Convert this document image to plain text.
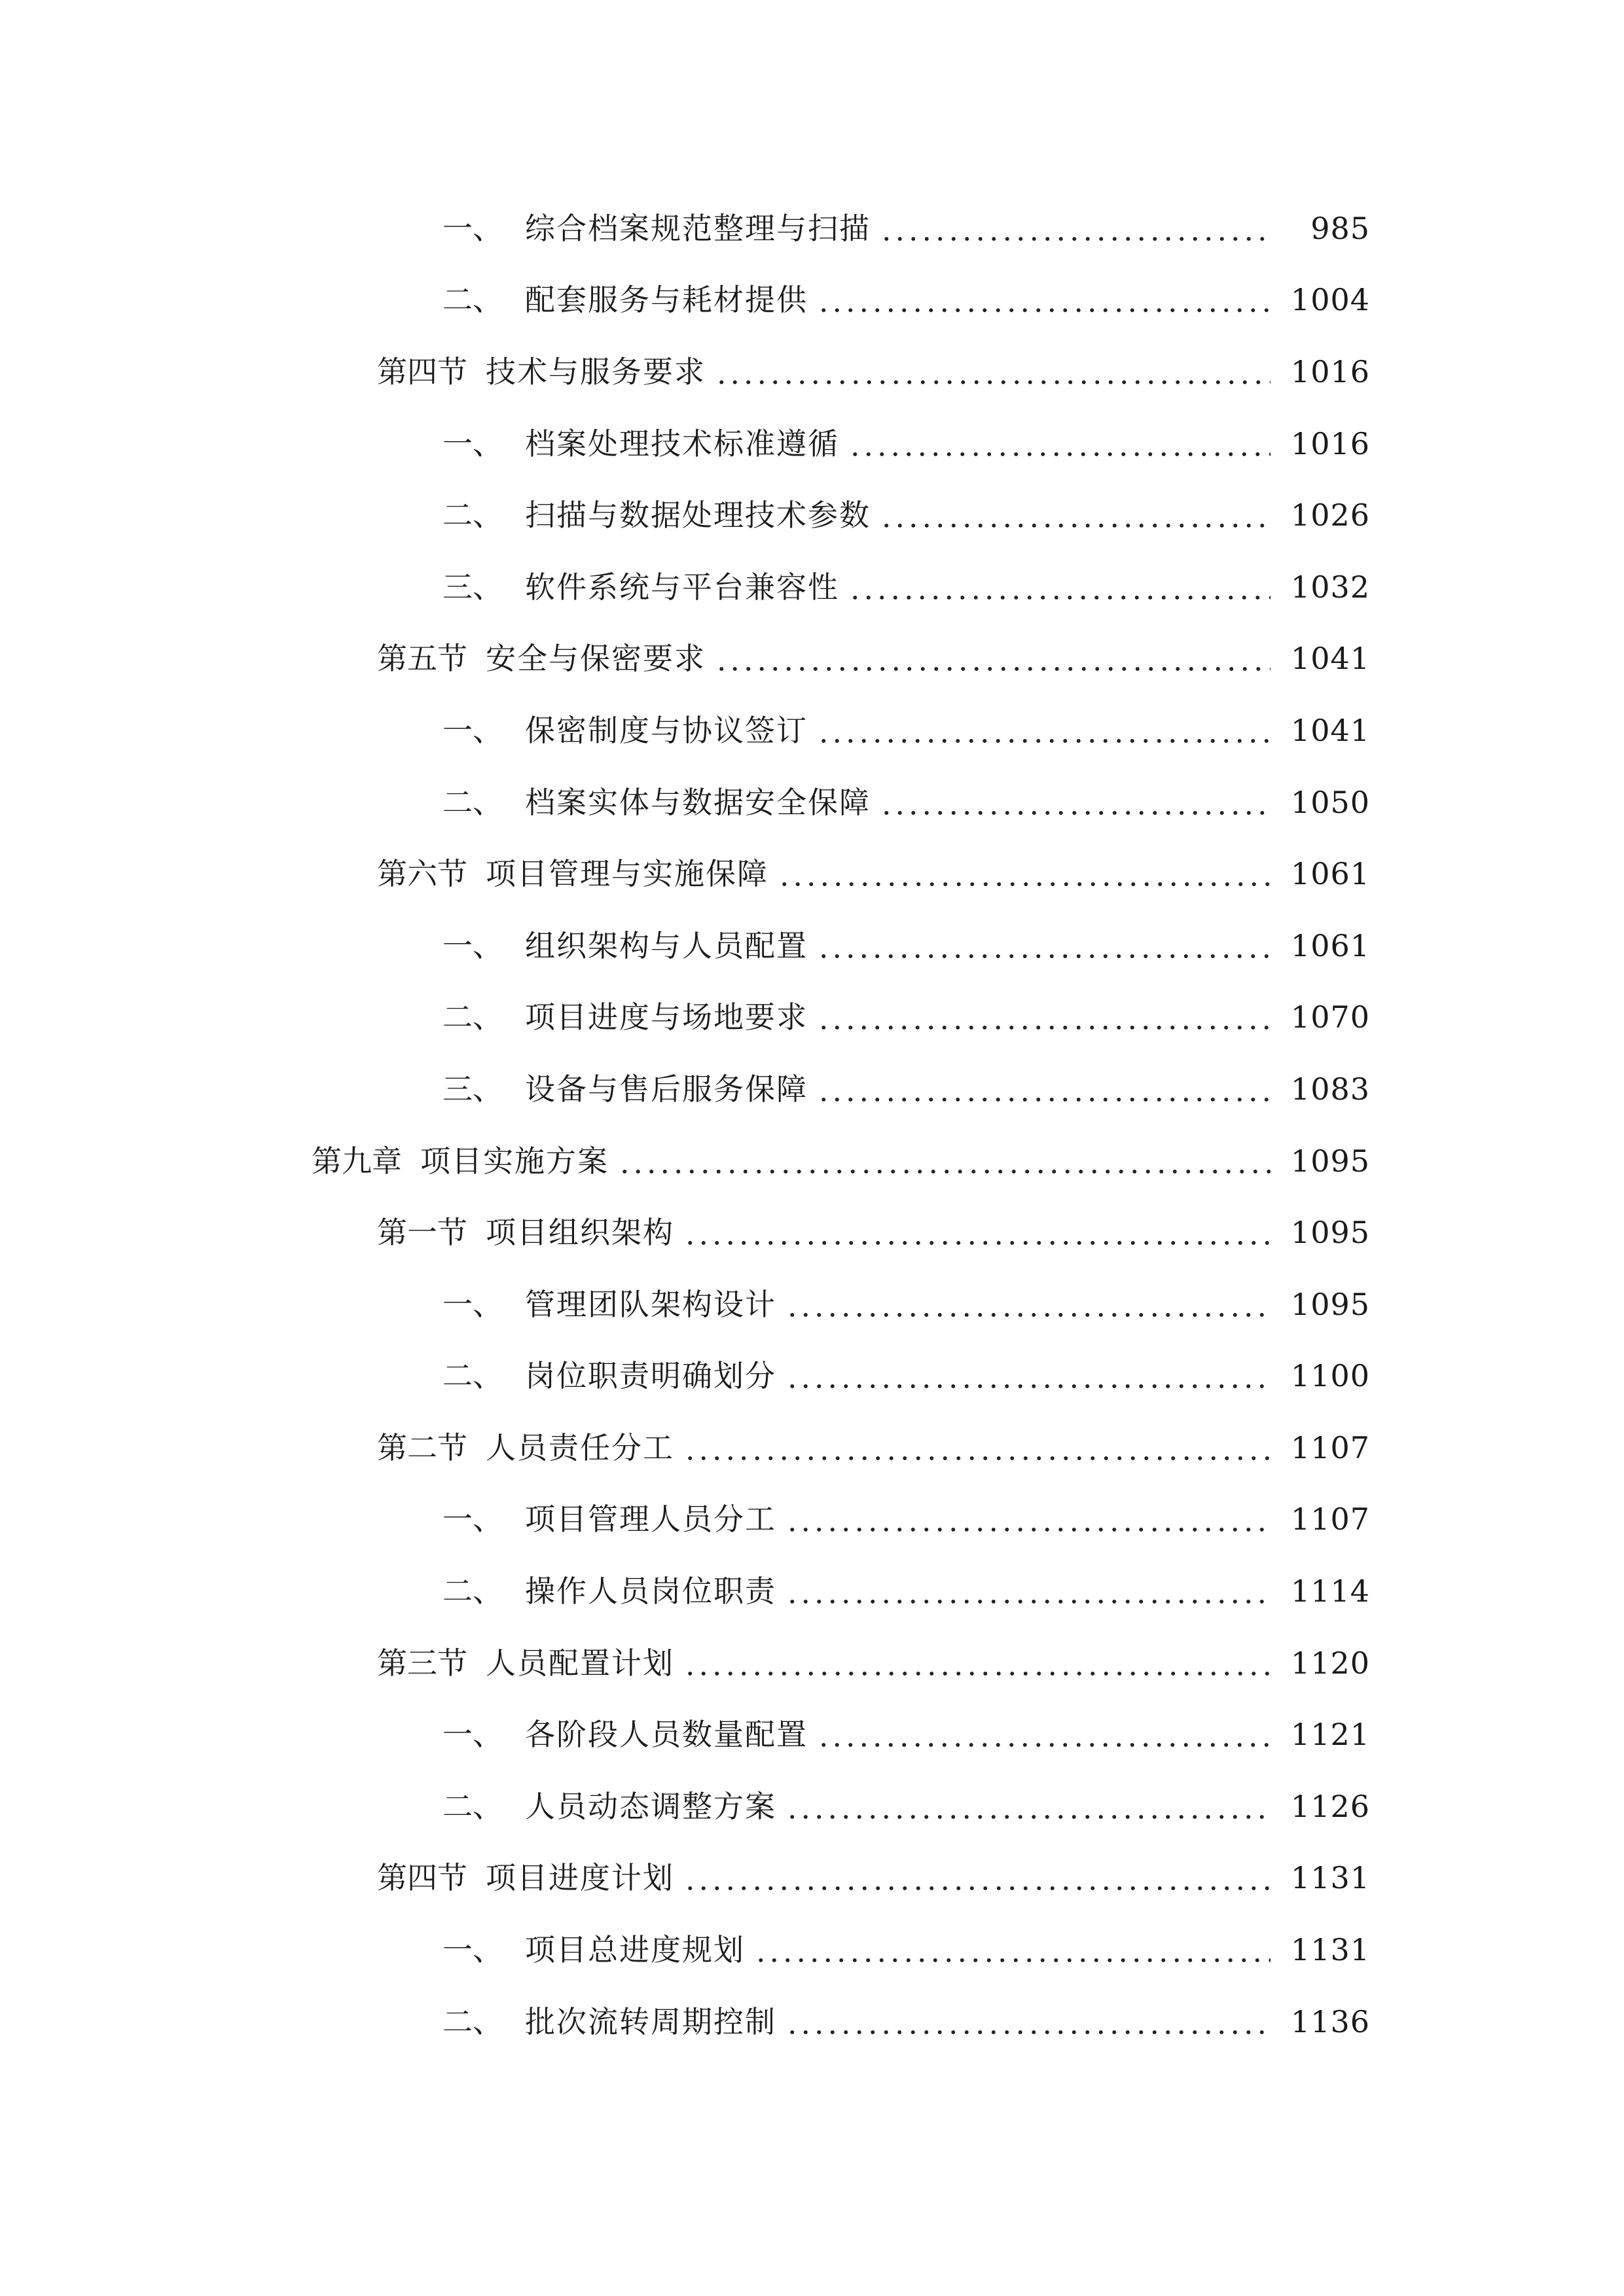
一、 综合档案规范整理与扫描	985
二、 配套服务与耗材提供	1004
第四节 技术与服务要求	1016
一、 档案处理技术标准遵循	1016
二、 扫描与数据处理技术参数	1026
三、 软件系统与平台兼容性	1032
第五节 安全与保密要求	1041
一、 保密制度与协议签订	1041
二、 档案实体与数据安全保障	1050
第六节 项目管理与实施保障	1061
一、 组织架构与人员配置	1061
二、 项目进度与场地要求	1070
三、 设备与售后服务保障	1083
第九章 项目实施方案	1095
第一节 项目组织架构	1095
一、 管理团队架构设计	1095
二、 岗位职责明确划分	1100
第二节 人员责任分工	1107
一、 项目管理人员分工	1107
二、 操作人员岗位职责	1114
第三节 人员配置计划	1120
一、 各阶段人员数量配置	1121
二、 人员动态调整方案	1126
第四节 项目进度计划	1131
一、 项目总进度规划	1131
二、 批次流转周期控制	1136
